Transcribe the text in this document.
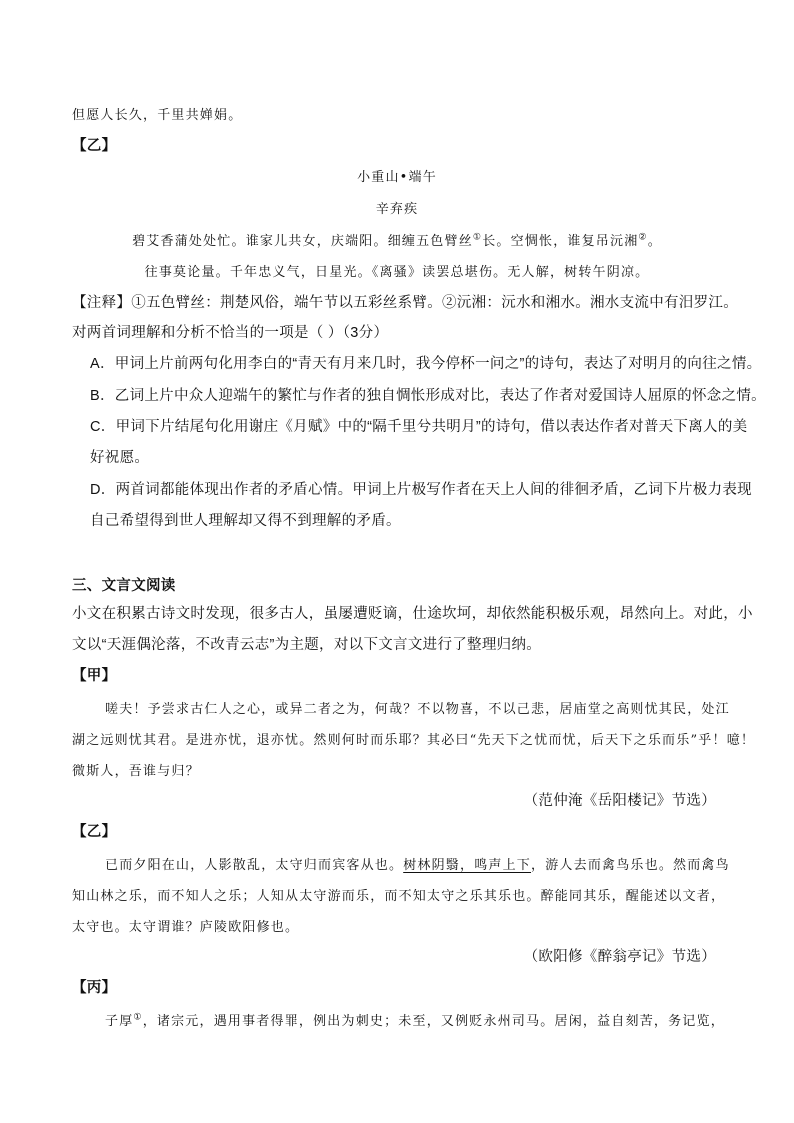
但愿人长久，千里共婵娟。
【乙】
小重山•端午
辛弃疾
碧艾香蒲处处忙。谁家儿共女，庆端阳。细缠五色臂丝①长。空惆怅，谁复吊沅湘②。
往事莫论量。千年忠义气，日星光。《离骚》读罢总堪伤。无人解，树转午阴凉。
【注释】①五色臂丝：荆楚风俗，端午节以五彩丝系臂。②沅湘：沅水和湘水。湘水支流中有汨罗江。
对两首词理解和分析不恰当的一项是（ ）（3分）
A．甲词上片前两句化用李白的“青天有月来几时，我今停杯一问之”的诗句，表达了对明月的向往之情。
B．乙词上片中众人迎端午的繁忙与作者的独自惆怅形成对比，表达了作者对爱国诗人屈原的怀念之情。
C．甲词下片结尾句化用谢庄《月赋》中的“隔千里兮共明月”的诗句，借以表达作者对普天下离人的美
好祝愿。
D．两首词都能体现出作者的矛盾心情。甲词上片极写作者在天上人间的徘徊矛盾，乙词下片极力表现
自己希望得到世人理解却又得不到理解的矛盾。
三、文言文阅读
小文在积累古诗文时发现，很多古人，虽屡遭贬谪，仕途坎坷，却依然能积极乐观，昂然向上。对此，小
文以“天涯偶沦落，不改青云志”为主题，对以下文言文进行了整理归纳。
【甲】
嗟夫！予尝求古仁人之心，或异二者之为，何哉？不以物喜，不以己悲，居庙堂之高则忧其民，处江
湖之远则忧其君。是进亦忧，退亦忧。然则何时而乐耶？其必曰“先天下之忧而忧，后天下之乐而乐”乎！噫！
微斯人，吾谁与归？
（范仲淹《岳阳楼记》节选）
【乙】
已而夕阳在山，人影散乱，太守归而宾客从也。树林阴翳，鸣声上下，游人去而禽鸟乐也。然而禽鸟
知山林之乐，而不知人之乐；人知从太守游而乐，而不知太守之乐其乐也。醉能同其乐，醒能述以文者，
太守也。太守谓谁？庐陵欧阳修也。
（欧阳修《醉翁亭记》节选）
【丙】
子厚①，诸宗元，遇用事者得罪，例出为刺史；未至，又例贬永州司马。居闲，益自刻苦，务记览，
